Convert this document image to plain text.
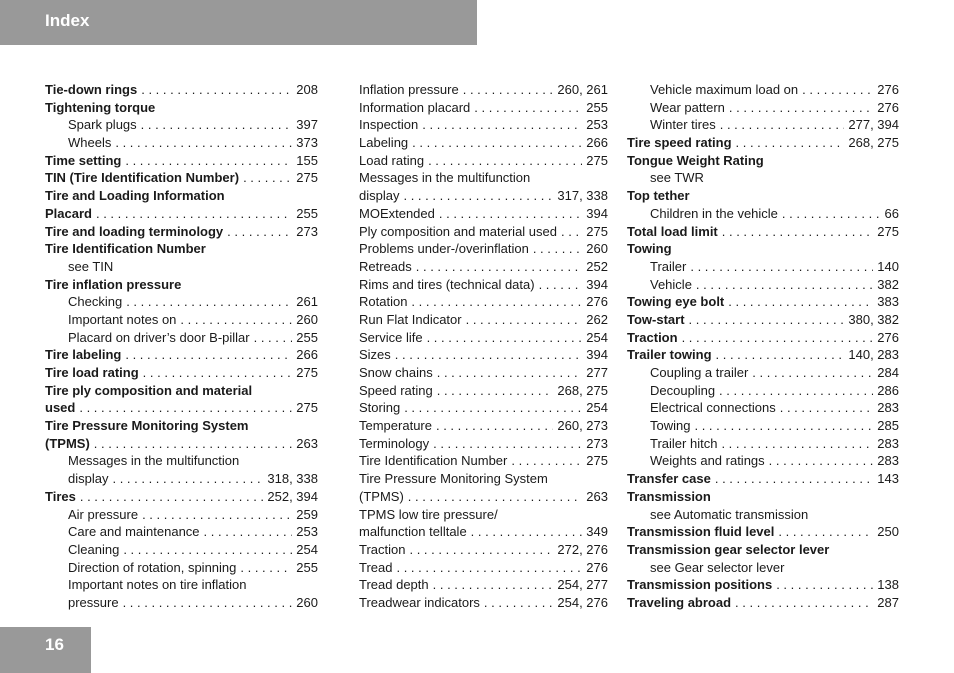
Index
Tie-down rings . . .	208
Tightening torque
Spark plugs . . .	397
Wheels . . .	373
Time setting . . .	155
TIN (Tire Identification Number) . . .	275
Tire and Loading Information
Placard . . .	255
Tire and loading terminology . . .	273
Tire Identification Number
see TIN
Tire inflation pressure
Checking . . .	261
Important notes on . . .	260
Placard on driver’s door B-pillar . . .	255
Tire labeling . . .	266
Tire load rating . . .	275
Tire ply composition and material
used . . .	275
Tire Pressure Monitoring System
(TPMS) . . .	263
Messages in the multifunction
display . . .	318, 338
Tires . . .	252, 394
Air pressure . . .	259
Care and maintenance . . .	253
Cleaning . . .	254
Direction of rotation, spinning . . .	255
Important notes on tire inflation
pressure . . .	260
Inflation pressure . . .	260, 261
Information placard . . .	255
Inspection . . .	253
Labeling . . .	266
Load rating . . .	275
Messages in the multifunction
display . . .	317, 338
MOExtended . . .	394
Ply composition and material used . . . 275
Problems under-/overinflation . . .	260
Retreads . . .	252
Rims and tires (technical data) . . .	394
Rotation . . .	276
Run Flat Indicator . . .	262
Service life . . .	254
Sizes . . .	394
Snow chains . . .	277
Speed rating . . .	268, 275
Storing . . .	254
Temperature . . .	260, 273
Terminology . . .	273
Tire Identification Number . . .	275
Tire Pressure Monitoring System
(TPMS) . . .	263
TPMS low tire pressure/
malfunction telltale . . .	349
Traction . . .	272, 276
Tread . . .	276
Tread depth . . .	254, 277
Treadwear indicators . . .	254, 276
Vehicle maximum load on . . .	276
Wear pattern . . .	276
Winter tires . . .	277, 394
Tire speed rating . . .	268, 275
Tongue Weight Rating
see TWR
Top tether
Children in the vehicle . . .	66
Total load limit . . .	275
Towing
Trailer . . .	140
Vehicle . . .	382
Towing eye bolt . . .	383
Tow-start . . .	380, 382
Traction . . .	276
Trailer towing . . .	140, 283
Coupling a trailer . . .	284
Decoupling . . .	286
Electrical connections . . .	283
Towing . . .	285
Trailer hitch . . .	283
Weights and ratings . . .	283
Transfer case . . .	143
Transmission
see Automatic transmission
Transmission fluid level . . .	250
Transmission gear selector lever
see Gear selector lever
Transmission positions . . .	138
Traveling abroad . . .	287
16
